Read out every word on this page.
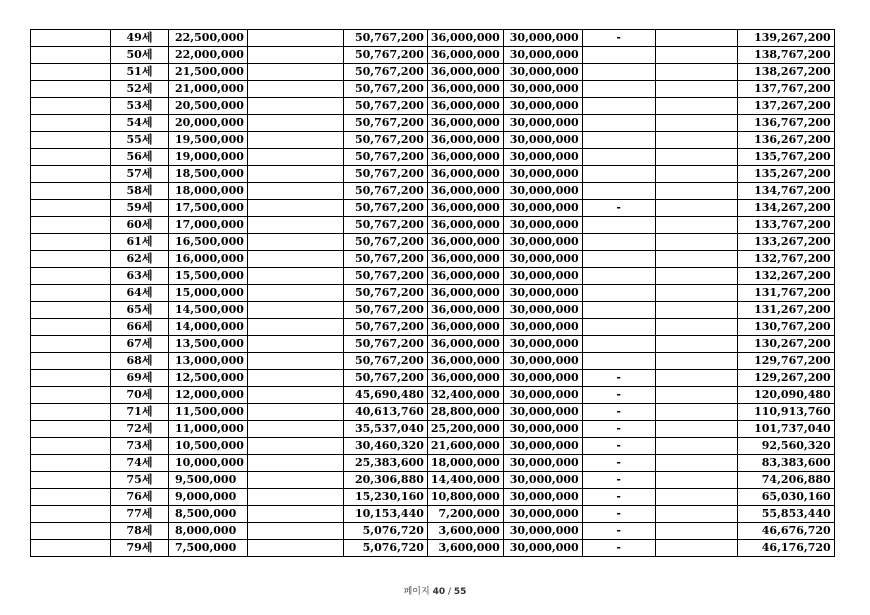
	49세	22,500,000		50,767,200	36,000,000	30,000,000	-		139,267,200
	50세	22,000,000		50,767,200	36,000,000	30,000,000			138,767,200
	51세	21,500,000		50,767,200	36,000,000	30,000,000			138,267,200
	52세	21,000,000		50,767,200	36,000,000	30,000,000			137,767,200
	53세	20,500,000		50,767,200	36,000,000	30,000,000			137,267,200
	54세	20,000,000		50,767,200	36,000,000	30,000,000			136,767,200
	55세	19,500,000		50,767,200	36,000,000	30,000,000			136,267,200
	56세	19,000,000		50,767,200	36,000,000	30,000,000			135,767,200
	57세	18,500,000		50,767,200	36,000,000	30,000,000			135,267,200
	58세	18,000,000		50,767,200	36,000,000	30,000,000			134,767,200
	59세	17,500,000		50,767,200	36,000,000	30,000,000	-		134,267,200
	60세	17,000,000		50,767,200	36,000,000	30,000,000			133,767,200
	61세	16,500,000		50,767,200	36,000,000	30,000,000			133,267,200
	62세	16,000,000		50,767,200	36,000,000	30,000,000			132,767,200
	63세	15,500,000		50,767,200	36,000,000	30,000,000			132,267,200
	64세	15,000,000		50,767,200	36,000,000	30,000,000			131,767,200
	65세	14,500,000		50,767,200	36,000,000	30,000,000			131,267,200
	66세	14,000,000		50,767,200	36,000,000	30,000,000			130,767,200
	67세	13,500,000		50,767,200	36,000,000	30,000,000			130,267,200
	68세	13,000,000		50,767,200	36,000,000	30,000,000			129,767,200
	69세	12,500,000		50,767,200	36,000,000	30,000,000	-		129,267,200
	70세	12,000,000		45,690,480	32,400,000	30,000,000	-		120,090,480
	71세	11,500,000		40,613,760	28,800,000	30,000,000	-		110,913,760
	72세	11,000,000		35,537,040	25,200,000	30,000,000	-		101,737,040
	73세	10,500,000		30,460,320	21,600,000	30,000,000	-		92,560,320
	74세	10,000,000		25,383,600	18,000,000	30,000,000	-		83,383,600
	75세	9,500,000		20,306,880	14,400,000	30,000,000	-		74,206,880
	76세	9,000,000		15,230,160	10,800,000	30,000,000	-		65,030,160
	77세	8,500,000		10,153,440	7,200,000	30,000,000	-		55,853,440
	78세	8,000,000		5,076,720	3,600,000	30,000,000	-		46,676,720
	79세	7,500,000		5,076,720	3,600,000	30,000,000	-		46,176,720
페이지 40 / 55
